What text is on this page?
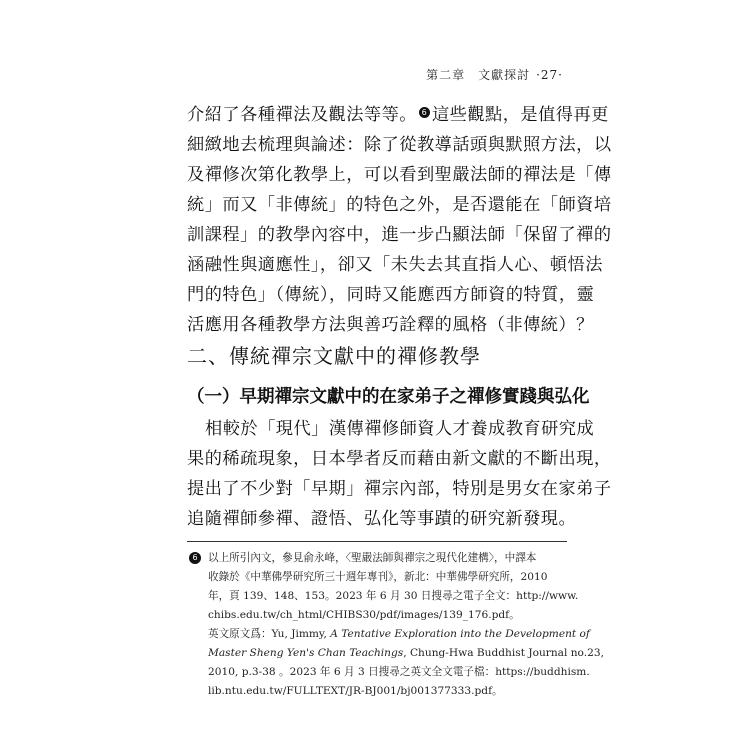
第二章　文獻探討 ·27·
介紹了各種禪法及觀法等等。 6 這些觀點，是值得再更
細緻地去梳理與論述：除了從教導話頭與默照方法，以
及禪修次第化教學上，可以看到聖嚴法師的禪法是「傳
統」而又「非傳統」的特色之外，是否還能在「師資培
訓課程」的教學內容中，進一步凸顯法師「保留了禪的
涵融性與適應性」，卻又「未失去其直指人心、頓悟法
門的特色」（傳統），同時又能應西方師資的特質，靈
活應用各種教學方法與善巧詮釋的風格（非傳統）？
二、傳統禪宗文獻中的禪修教學
（一）早期禪宗文獻中的在家弟子之禪修實踐與弘化
相較於「現代」漢傳禪修師資人才養成教育研究成
果的稀疏現象，日本學者反而藉由新文獻的不斷出現，
提出了不少對「早期」禪宗內部，特別是男女在家弟子
追隨禪師參禪、證悟、弘化等事蹟的研究新發現。
6 以上所引內文，參見俞永峰，〈聖嚴法師與禪宗之現代化建構〉，中譯本
收錄於《中華佛學研究所三十週年專刊》，新北：中華佛學研究所，2010
年，頁 139、148、153。2023 年 6 月 30 日搜尋之電子全文：http://www.
chibs.edu.tw/ch_html/CHIBS30/pdf/images/139_176.pdf。
英文原文爲：Yu, Jimmy, A Tentative Exploration into the Development of
Master Sheng Yen's Chan Teachings, Chung-Hwa Buddhist Journal no.23,
2010, p.3-38 。2023 年 6 月 3 日搜尋之英文全文電子檔：https://buddhism.
lib.ntu.edu.tw/FULLTEXT/JR-BJ001/bj001377333.pdf。
